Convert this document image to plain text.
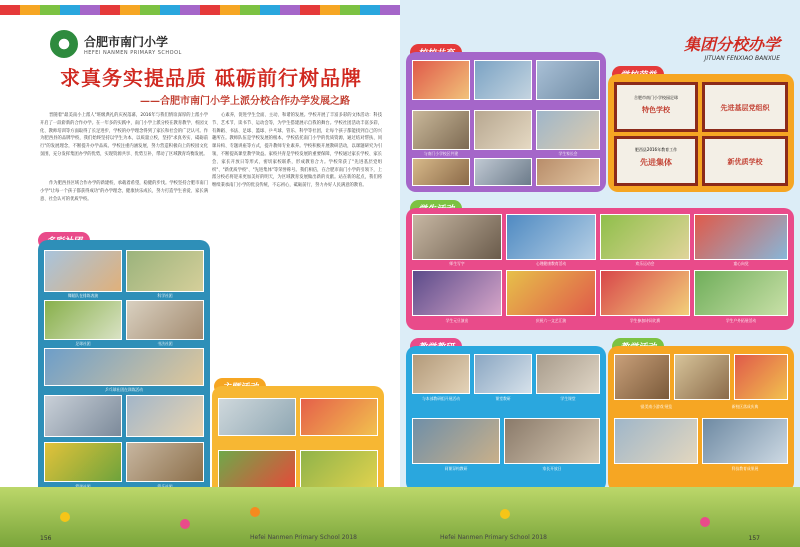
合肥市南门小学
HEFEI NANMEN PRIMARY SCHOOL
求真务实提品质 砥砺前行树品牌
——合肥市南门小学上派分校合作办学发展之路
晋随着"最美南小上派人"班级典礼的庆祝落幕，2016年与我们情谊深厚的上派小学开启了一段崭新的合作办学。在一年多的实践中，南门小学上派分校在教育教学、校园文化、教师培训等方面取得了长足进步，学校的办学理念得到了家长和社会的广泛认可。作为肥西县的品牌学校，我们始终坚持以学生为本，以质量立校，坚持"求真务实、砥砺前行"的发展理念，不断提升办学品质。学校注重内涵发展，努力营造积极向上的校园文化氛围，充分发挥集团办学的优势，实现资源共享、优势互补，带动了区域教育均衡发展。
作为肥西县区域合作办学的新建校，承载着希望，稳健的步伐。学校坚持合肥市南门小学"让每一个孩子都获得成功"的办学理念，健康快乐成长，努力打造学生喜爱、家长满意、社会认可的优质学校。
心素养，促进学生全面、主动、和谐的发展。学校开展了丰富多彩的文体活动：科技节、艺术节、读书节、运动会等，为学生搭建展示自我的舞台。学校社团活动丰富多彩，有舞蹈、书法、足球、篮球、乒乓球、管乐、科学等社团，让每个孩子都能找到自己的兴趣所在。教师队伍是学校发展的根本，学校依托南门小学的优质资源，通过结对帮扶、同课异构、专题讲座等方式，提升教师专业素养。学校积极开展教研活动，以课题研究为引领，不断提高课堂教学效益。家校共育是学校发展的重要保障，学校通过家长学校、家长会、家长开放日等形式，密切家校联系，形成教育合力。学校荣获了"先进基层党组织"、"新优质学校"、"先进集体"等荣誉称号。我们相信，在合肥市南门小学的引领下，上派分校必将迎来更加美好的明天，为区域教育发展做出新的贡献。站在新的起点，我们将继续秉承南门小学的优良传统，不忘初心，砥砺前行，努力办好人民满意的教育。
舞蹈队在排练表演	科学社团
足球社团	书法社团
乒乓球社团在训练活动
156	Hefei Nanmen Primary School 2018
集团分校办学
JITUAN FENXIAO BANXUE
与南门小学校区共建	学生家长会
合肥市南门小学校园足球
特色学校	先进基层党组织
肥西县2016年教育工作
先进集体	新优质学校
师生写字	心理健康教育活动	欢乐运动会	童心向党
学生元旦演出	庆祝六一文艺汇演	学生参加诗词比赛	学生户外拓展活动
与本部教研组开展活动	课堂教研	学生课堂
同课异构教研	家长开放日
'最美南小游戏'展览	新校区落成庆典
科技教育成果展
157
Hefei Nanmen Primary School 2018
